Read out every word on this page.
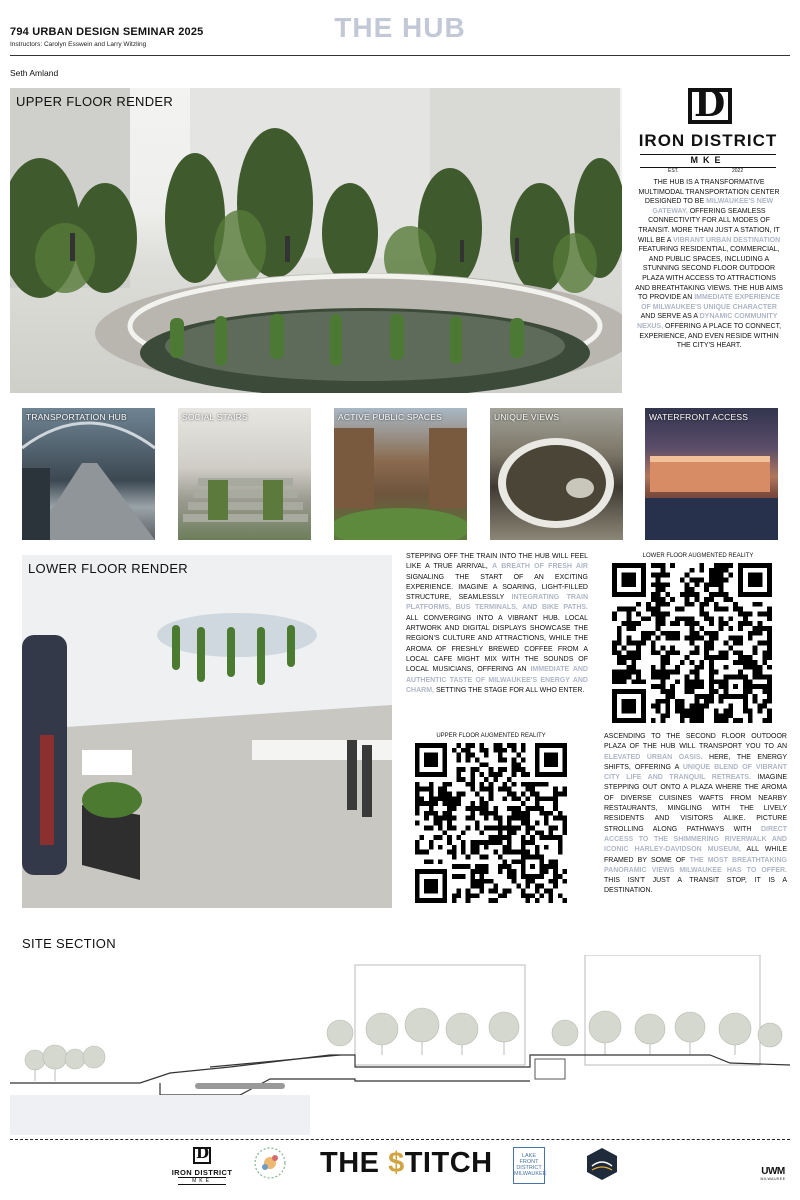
794 URBAN DESIGN SEMINAR 2025
Instructors: Carolyn Esswein and Larry Witzling
THE HUB
Seth Amland
UPPER FLOOR RENDER	D
IRON DISTRICT
MKE
EST.	2022
THE HUB IS A TRANSFORMATIVE MULTIMODAL TRANSPORTATION CENTER DESIGNED TO BE MILWAUKEE'S NEW GATEWAY, OFFERING SEAMLESS CONNECTIVITY FOR ALL MODES OF TRANSIT. MORE THAN JUST A STATION, IT WILL BE A VIBRANT URBAN DESTINATION FEATURING RESIDENTIAL, COMMERCIAL, AND PUBLIC SPACES, INCLUDING A STUNNING SECOND FLOOR OUTDOOR PLAZA WITH ACCESS TO ATTRACTIONS AND BREATHTAKING VIEWS. THE HUB AIMS TO PROVIDE AN IMMEDIATE EXPERIENCE OF MILWAUKEE'S UNIQUE CHARACTER AND SERVE AS A DYNAMIC COMMUNITY NEXUS, OFFERING A PLACE TO CONNECT, EXPERIENCE, AND EVEN RESIDE WITHIN THE CITY'S HEART.
TRANSPORTATION HUB	SOCIAL STAIRS	ACTIVE PUBLIC SPACES	UNIQUE VIEWS	WATERFRONT ACCESS
LOWER FLOOR RENDER
STEPPING OFF THE TRAIN INTO THE HUB WILL FEEL LIKE A TRUE ARRIVAL, A BREATH OF FRESH AIR SIGNALING THE START OF AN EXCITING EXPERIENCE. IMAGINE A SOARING, LIGHT-FILLED STRUCTURE, SEAMLESSLY INTEGRATING TRAIN PLATFORMS, BUS TERMINALS, AND BIKE PATHS. ALL CONVERGING INTO A VIBRANT HUB. LOCAL ARTWORK AND DIGITAL DISPLAYS SHOWCASE THE REGION'S CULTURE AND ATTRACTIONS, WHILE THE AROMA OF FRESHLY BREWED COFFEE FROM A LOCAL CAFE MIGHT MIX WITH THE SOUNDS OF LOCAL MUSICIANS, OFFERING AN IMMEDIATE AND AUTHENTIC TASTE OF MILWAUKEE'S ENERGY AND CHARM, SETTING THE STAGE FOR ALL WHO ENTER.
LOWER FLOOR AUGMENTED REALITY
UPPER FLOOR AUGMENTED REALITY	ASCENDING TO THE SECOND FLOOR OUTDOOR PLAZA OF THE HUB WILL TRANSPORT YOU TO AN ELEVATED URBAN OASIS. HERE, THE ENERGY SHIFTS, OFFERING A UNIQUE BLEND OF VIBRANT CITY LIFE AND TRANQUIL RETREATS. IMAGINE STEPPING OUT ONTO A PLAZA WHERE THE AROMA OF DIVERSE CUISINES WAFTS FROM NEARBY RESTAURANTS, MINGLING WITH THE LIVELY RESIDENTS AND VISITORS ALIKE. PICTURE STROLLING ALONG PATHWAYS WITH DIRECT ACCESS TO THE SHIMMERING RIVERWALK AND ICONIC HARLEY-DAVIDSON MUSEUM, ALL WHILE FRAMED BY SOME OF THE MOST BREATHTAKING PANORAMIC VIEWS MILWAUKEE HAS TO OFFER. THIS ISN'T JUST A TRANSIT STOP, IT IS A DESTINATION.
SITE SECTION
D
IRON DISTRICT
MKE
THE $TITCH	LAKE FRONT DISTRICT MILWAUKEE	UWM
MILWAUKEE
